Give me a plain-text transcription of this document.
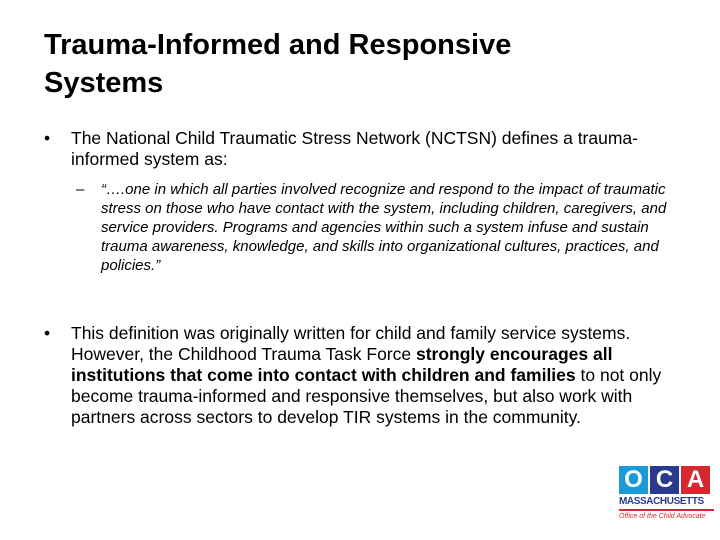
Trauma-Informed and Responsive
Systems
• The National Child Traumatic Stress Network (NCTSN) defines a trauma-informed system as:
– “….one in which all parties involved recognize and respond to the impact of traumatic stress on those who have contact with the system, including children, caregivers, and service providers. Programs and agencies within such a system infuse and sustain trauma awareness, knowledge, and skills into organizational cultures, practices, and policies.”
• This definition was originally written for child and family service systems. However, the Childhood Trauma Task Force strongly encourages all institutions that come into contact with children and families to not only become trauma-informed and responsive themselves, but also work with partners across sectors to develop TIR systems in the community.
O C A
MASSACHUSETTS
Office of the Child Advocate
